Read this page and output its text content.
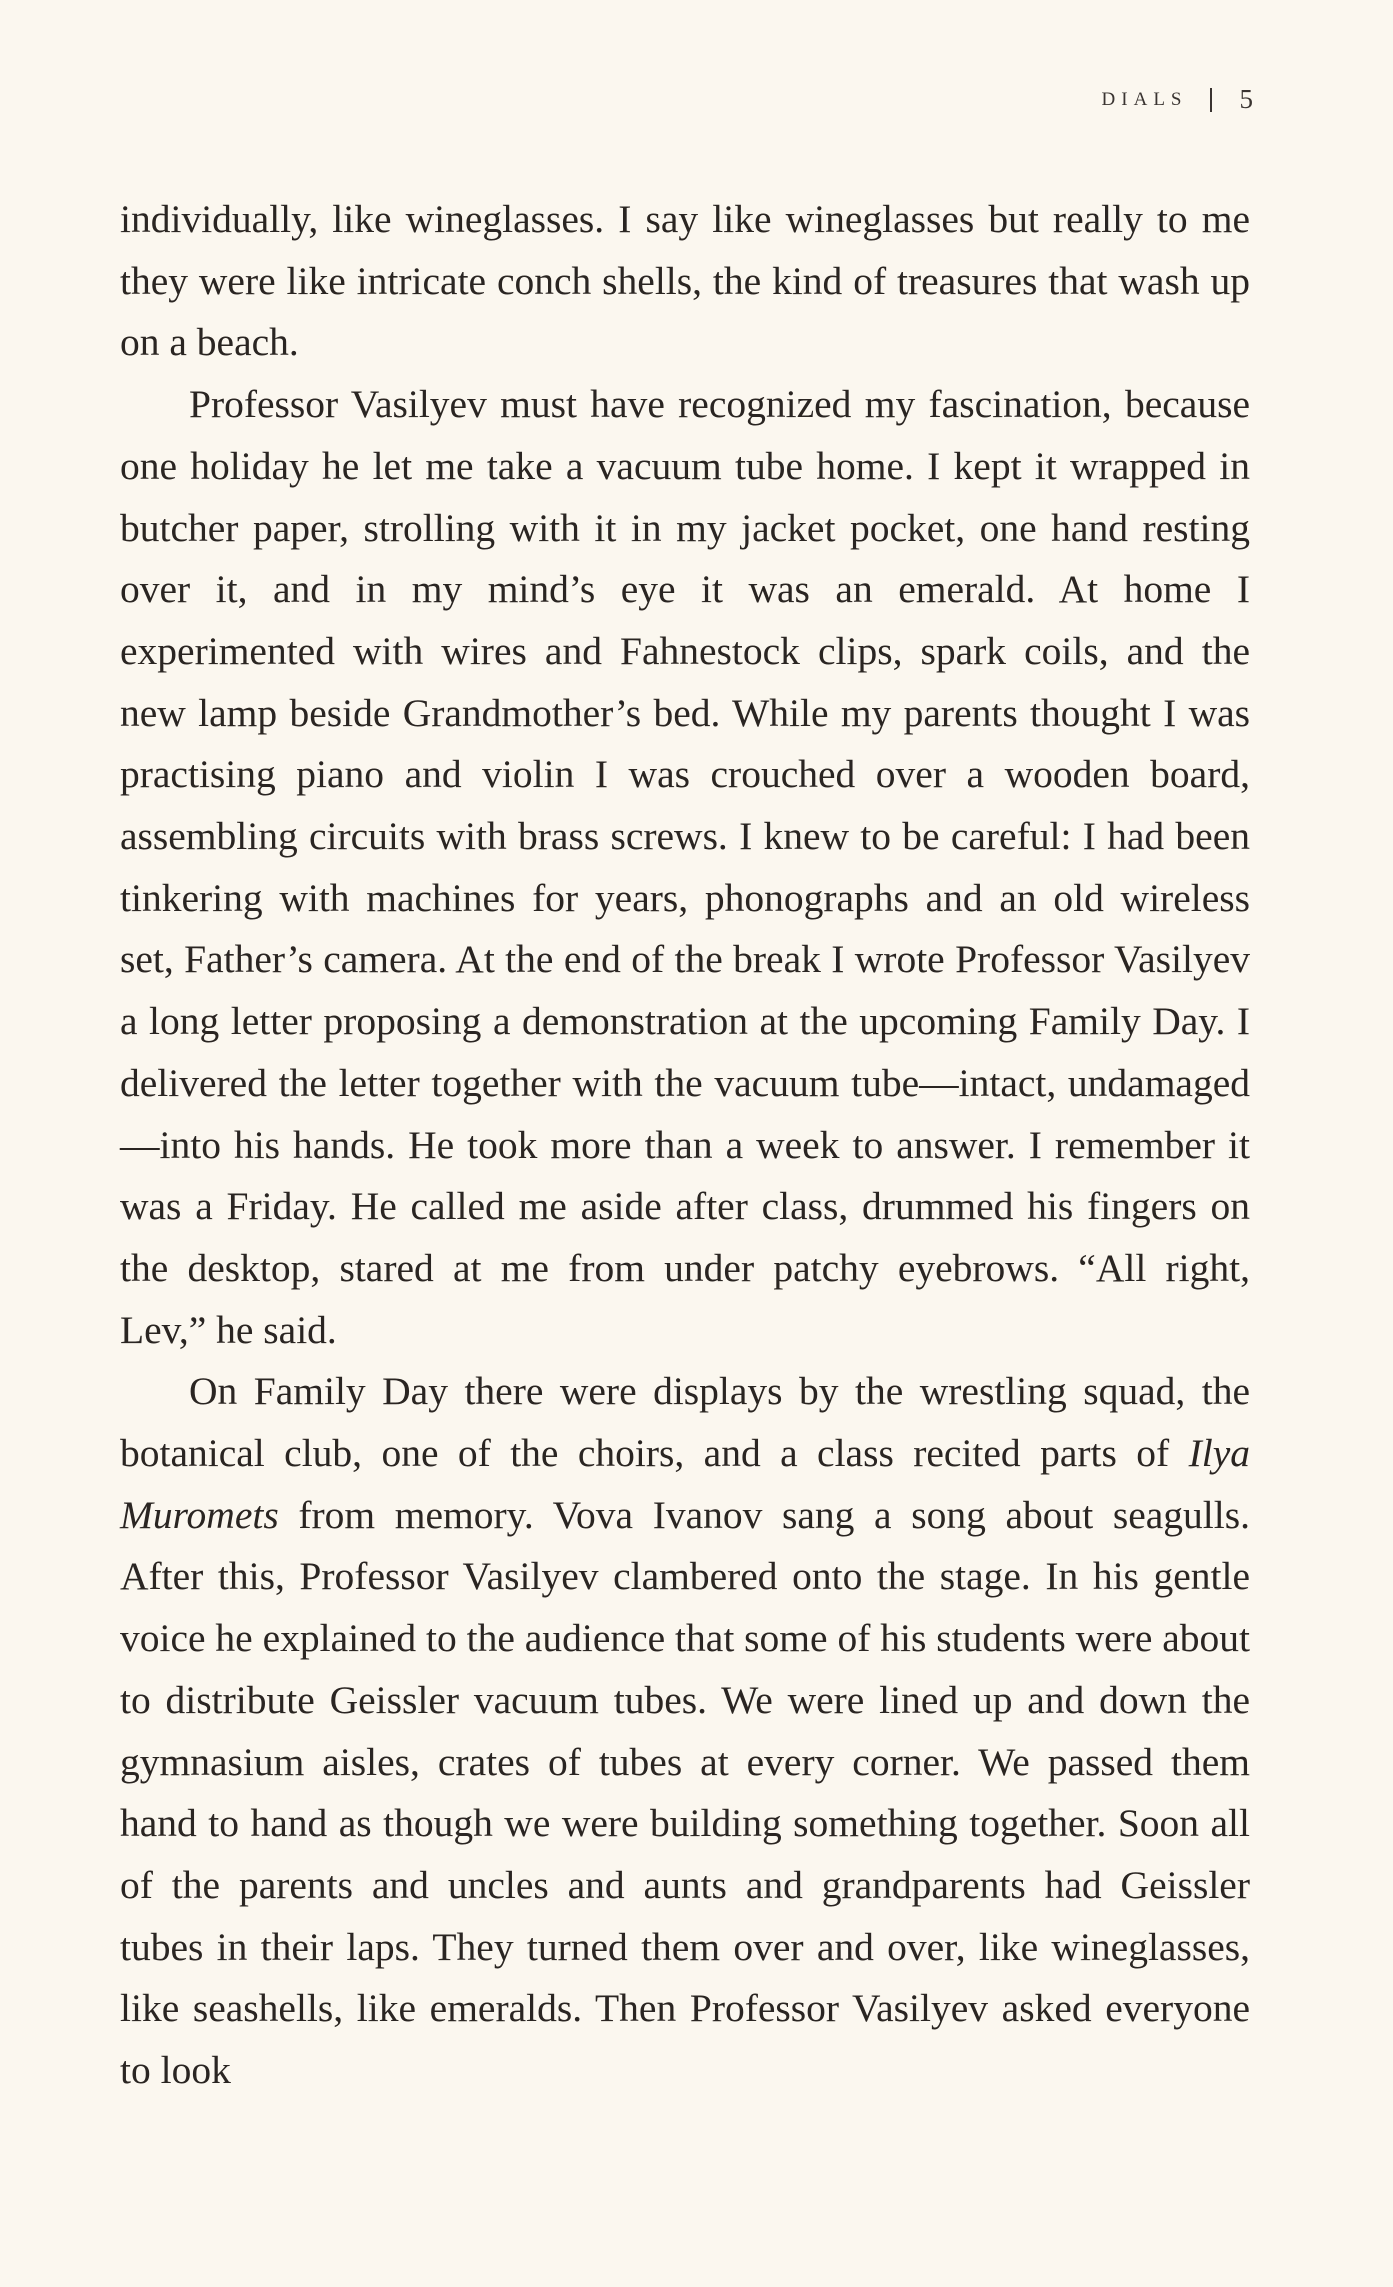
DIALS 5

individually, like wineglasses. I say like wineglasses but really to me they were like intricate conch shells, the kind of treasures that wash up on a beach.

Professor Vasilyev must have recognized my fascination, because one holiday he let me take a vacuum tube home. I kept it wrapped in butcher paper, strolling with it in my jacket pocket, one hand resting over it, and in my mind’s eye it was an emerald. At home I experimented with wires and Fahnestock clips, spark coils, and the new lamp beside Grandmother’s bed. While my parents thought I was practising piano and violin I was crouched over a wooden board, assembling circuits with brass screws. I knew to be careful: I had been tinkering with machines for years, phonographs and an old wireless set, Father’s camera. At the end of the break I wrote Professor Vasilyev a long letter proposing a demonstration at the upcoming Family Day. I delivered the letter together with the vacuum tube—intact, undamaged—into his hands. He took more than a week to answer. I remember it was a Friday. He called me aside after class, drummed his fingers on the desktop, stared at me from under patchy eyebrows. “All right, Lev,” he said.

On Family Day there were displays by the wrestling squad, the botanical club, one of the choirs, and a class recited parts of Ilya Muromets from memory. Vova Ivanov sang a song about seagulls. After this, Professor Vasilyev clambered onto the stage. In his gentle voice he explained to the audience that some of his students were about to distribute Geissler vacuum tubes. We were lined up and down the gymnasium aisles, crates of tubes at every corner. We passed them hand to hand as though we were building something together. Soon all of the parents and uncles and aunts and grandparents had Geissler tubes in their laps. They turned them over and over, like wineglasses, like seashells, like emeralds. Then Professor Vasilyev asked everyone to look
